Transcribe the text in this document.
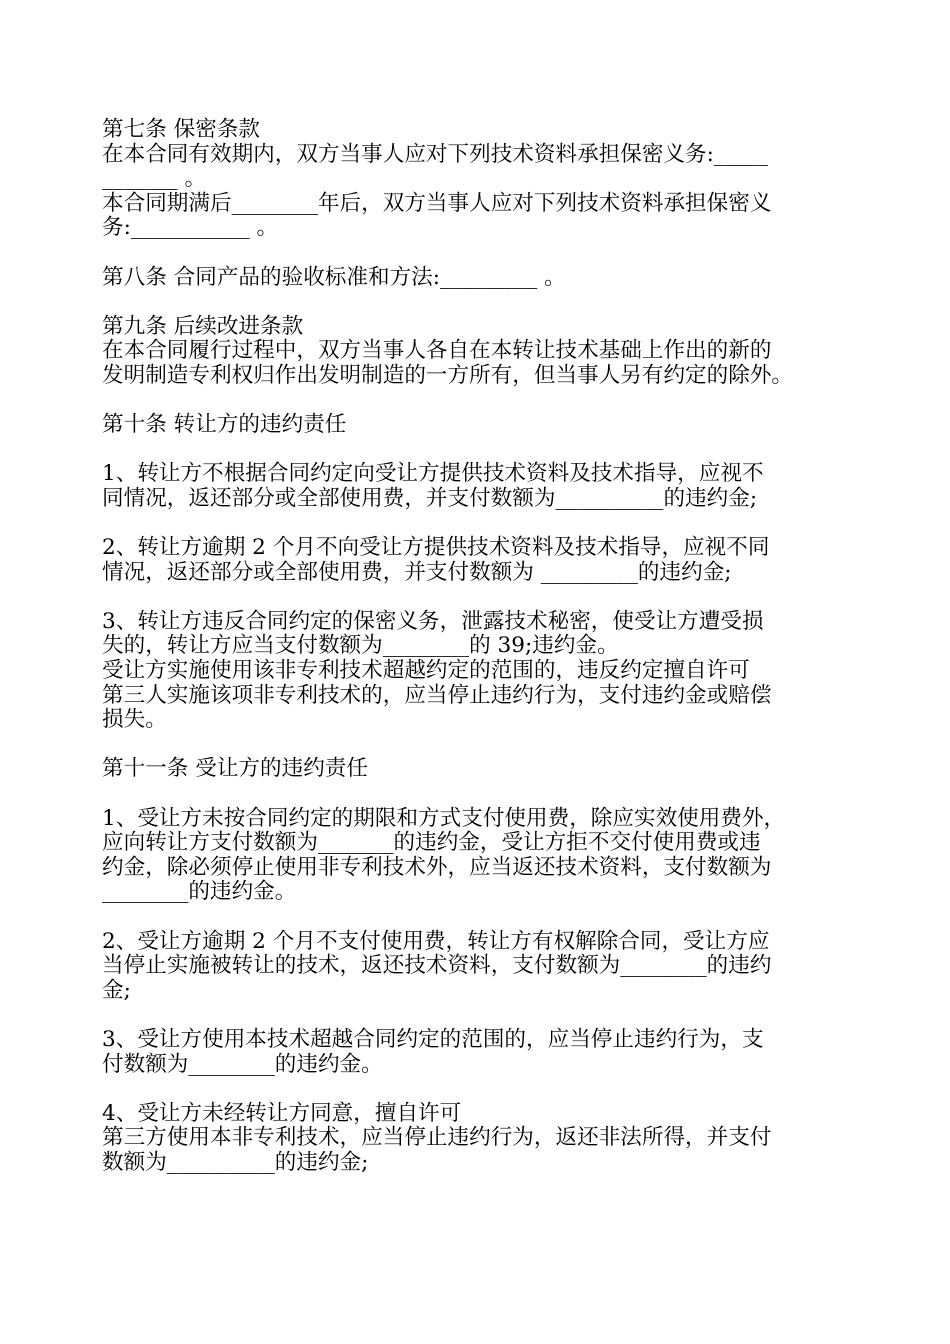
第七条 保密条款

在本合同有效期内，双方当事人应对下列技术资料承担保密义务:_____

_______ 。

本合同期满后________年后，双方当事人应对下列技术资料承担保密义

务:___________ 。

第八条 合同产品的验收标准和方法:_________ 。

第九条 后续改进条款

在本合同履行过程中，双方当事人各自在本转让技术基础上作出的新的

发明制造专利权归作出发明制造的一方所有，但当事人另有约定的除外。

第十条 转让方的违约责任

1、转让方不根据合同约定向受让方提供技术资料及技术指导，应视不

同情况，返还部分或全部使用费，并支付数额为__________的违约金;

2、转让方逾期 2 个月不向受让方提供技术资料及技术指导，应视不同

情况，返还部分或全部使用费，并支付数额为 _________的违约金;

3、转让方违反合同约定的保密义务，泄露技术秘密，使受让方遭受损

失的，转让方应当支付数额为________的 39;违约金。

受让方实施使用该非专利技术超越约定的范围的，违反约定擅自许可

第三人实施该项非专利技术的，应当停止违约行为，支付违约金或赔偿

损失。

第十一条 受让方的违约责任

1、受让方未按合同约定的期限和方式支付使用费，除应实效使用费外，

应向转让方支付数额为_______的违约金，受让方拒不交付使用费或违

约金，除必须停止使用非专利技术外，应当返还技术资料，支付数额为

________的违约金。

2、受让方逾期 2 个月不支付使用费，转让方有权解除合同，受让方应

当停止实施被转让的技术，返还技术资料，支付数额为________的违约

金;

3、受让方使用本技术超越合同约定的范围的，应当停止违约行为，支

付数额为________的违约金。

4、受让方未经转让方同意，擅自许可

第三方使用本非专利技术，应当停止违约行为，返还非法所得，并支付

数额为__________的违约金;
